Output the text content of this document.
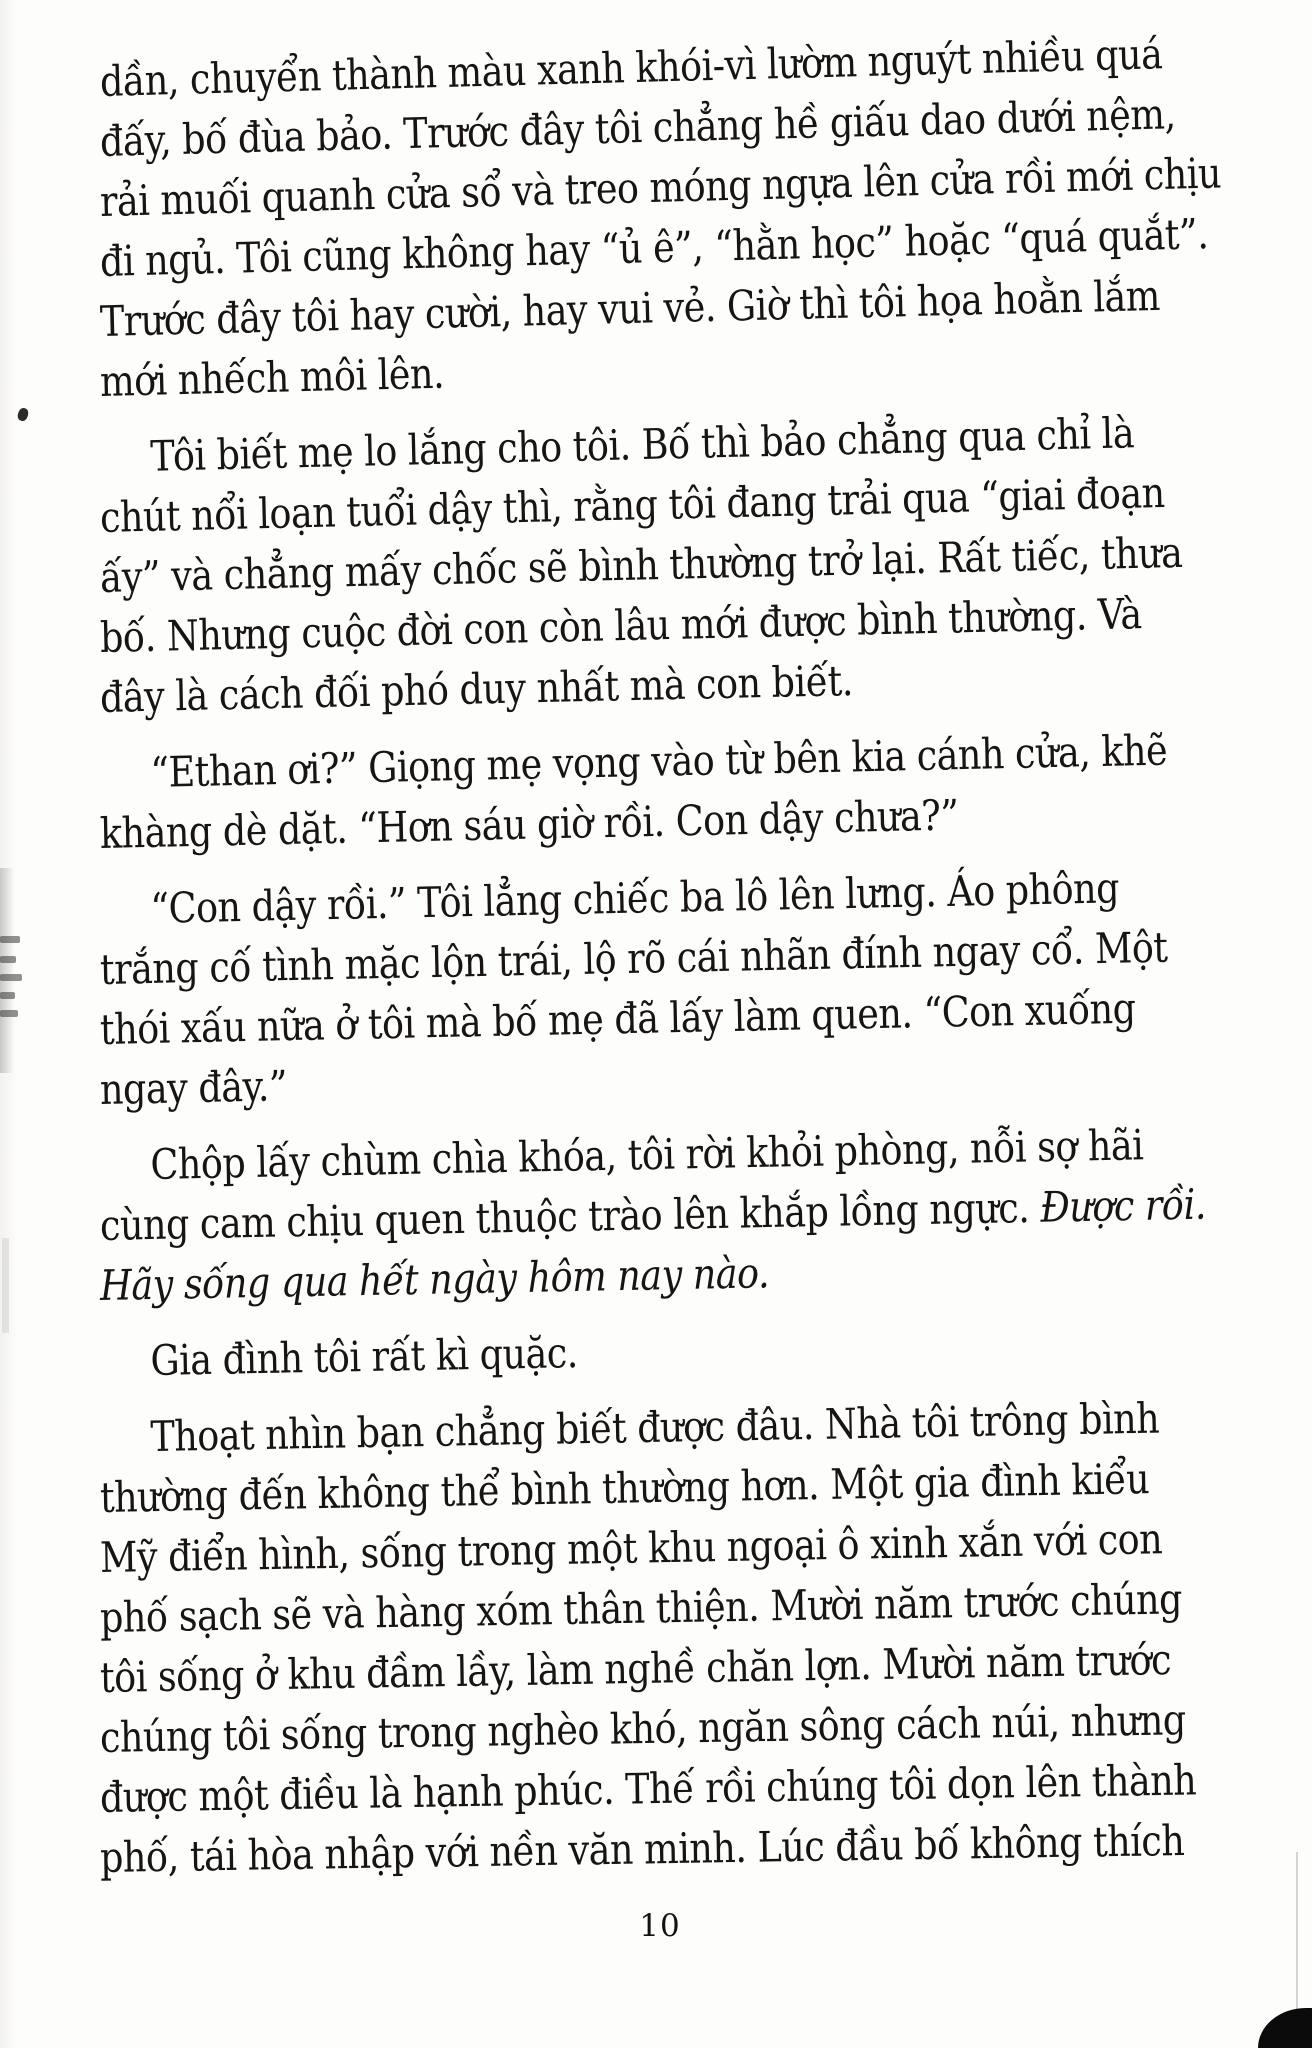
dần, chuyển thành màu xanh khói-vì lườm nguýt nhiều quá
đấy, bố đùa bảo. Trước đây tôi chẳng hề giấu dao dưới nệm,
rải muối quanh cửa sổ và treo móng ngựa lên cửa rồi mới chịu
đi ngủ. Tôi cũng không hay “ủ ê”, “hằn học” hoặc “quá quắt”.
Trước đây tôi hay cười, hay vui vẻ. Giờ thì tôi họa hoằn lắm
mới nhếch môi lên.
Tôi biết mẹ lo lắng cho tôi. Bố thì bảo chẳng qua chỉ là
chút nổi loạn tuổi dậy thì, rằng tôi đang trải qua “giai đoạn
ấy” và chẳng mấy chốc sẽ bình thường trở lại. Rất tiếc, thưa
bố. Nhưng cuộc đời con còn lâu mới được bình thường. Và
đây là cách đối phó duy nhất mà con biết.
“Ethan ơi?” Giọng mẹ vọng vào từ bên kia cánh cửa, khẽ
khàng dè dặt. “Hơn sáu giờ rồi. Con dậy chưa?”
“Con dậy rồi.” Tôi lẳng chiếc ba lô lên lưng. Áo phông
trắng cố tình mặc lộn trái, lộ rõ cái nhãn đính ngay cổ. Một
thói xấu nữa ở tôi mà bố mẹ đã lấy làm quen. “Con xuống
ngay đây.”
Chộp lấy chùm chìa khóa, tôi rời khỏi phòng, nỗi sợ hãi
cùng cam chịu quen thuộc trào lên khắp lồng ngực. Được rồi.
Hãy sống qua hết ngày hôm nay nào.
Gia đình tôi rất kì quặc.
Thoạt nhìn bạn chẳng biết được đâu. Nhà tôi trông bình
thường đến không thể bình thường hơn. Một gia đình kiểu
Mỹ điển hình, sống trong một khu ngoại ô xinh xắn với con
phố sạch sẽ và hàng xóm thân thiện. Mười năm trước chúng
tôi sống ở khu đầm lầy, làm nghề chăn lợn. Mười năm trước
chúng tôi sống trong nghèo khó, ngăn sông cách núi, nhưng
được một điều là hạnh phúc. Thế rồi chúng tôi dọn lên thành
phố, tái hòa nhập với nền văn minh. Lúc đầu bố không thích
10
